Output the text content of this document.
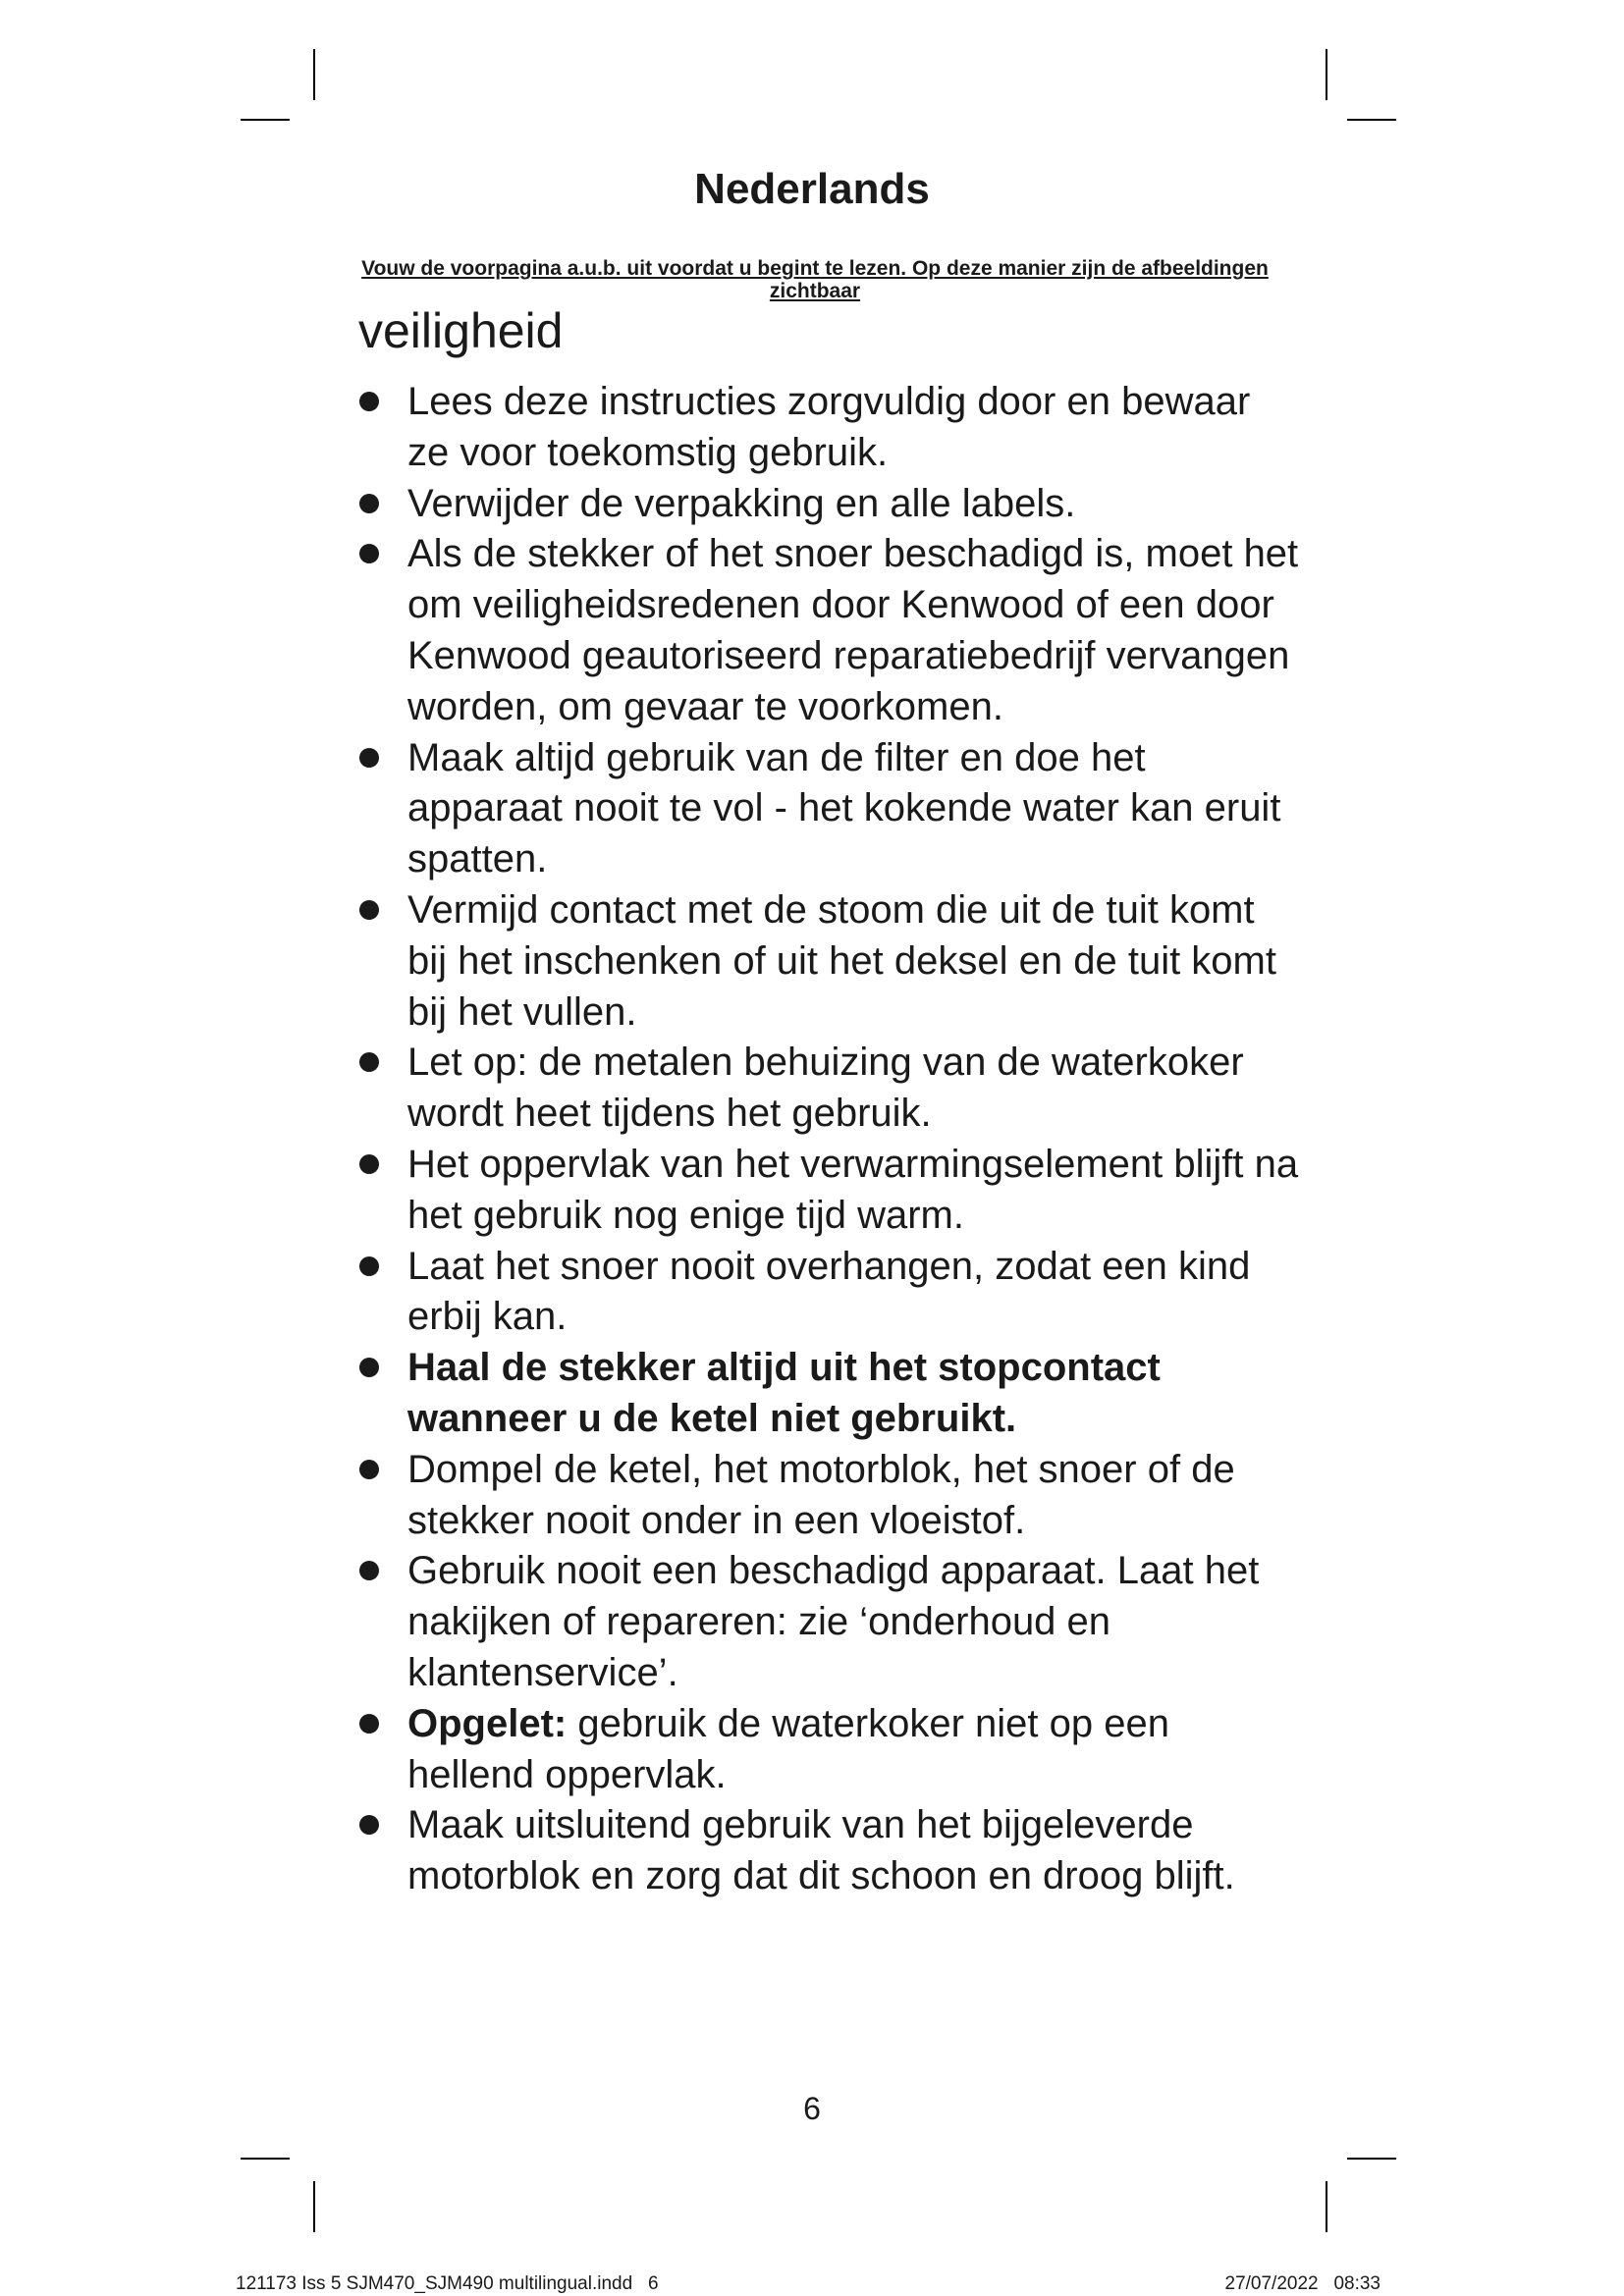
Nederlands

Vouw de voorpagina a.u.b. uit voordat u begint te lezen. Op deze manier zijn de afbeeldingen zichtbaar

veiligheid
Lees deze instructies zorgvuldig door en bewaar ze voor toekomstig gebruik.
Verwijder de verpakking en alle labels.
Als de stekker of het snoer beschadigd is, moet het om veiligheidsredenen door Kenwood of een door Kenwood geautoriseerd reparatiebedrijf vervangen worden, om gevaar te voorkomen.
Maak altijd gebruik van de filter en doe het apparaat nooit te vol - het kokende water kan eruit spatten.
Vermijd contact met de stoom die uit de tuit komt bij het inschenken of uit het deksel en de tuit komt bij het vullen.
Let op: de metalen behuizing van de waterkoker wordt heet tijdens het gebruik.
Het oppervlak van het verwarmingselement blijft na het gebruik nog enige tijd warm.
Laat het snoer nooit overhangen, zodat een kind erbij kan.
Haal de stekker altijd uit het stopcontact wanneer u de ketel niet gebruikt.
Dompel de ketel, het motorblok, het snoer of de stekker nooit onder in een vloeistof.
Gebruik nooit een beschadigd apparaat. Laat het nakijken of repareren: zie ‘onderhoud en klantenservice’.
Opgelet: gebruik de waterkoker niet op een hellend oppervlak.
Maak uitsluitend gebruik van het bijgeleverde motorblok en zorg dat dit schoon en droog blijft.
6
121173 Iss 5 SJM470_SJM490 multilingual.indd   6	27/07/2022   08:33
